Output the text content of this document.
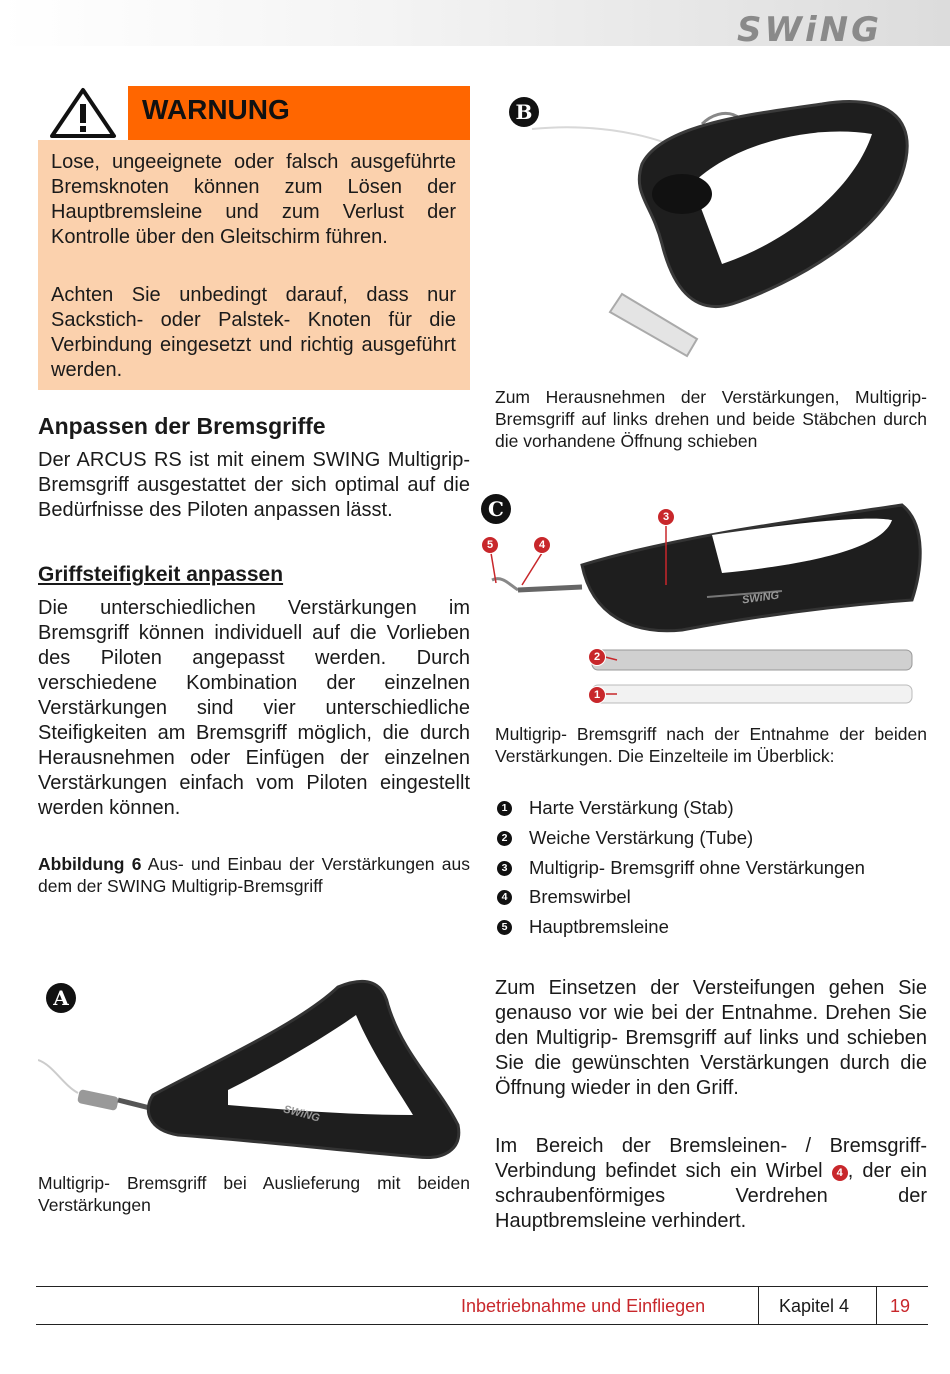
SWiNG
WARNUNG
Lose, ungeeignete oder falsch ausgeführte Bremsknoten können zum Lösen der Hauptbremsleine und zum Verlust der Kontrolle über den Gleitschirm führen.
Achten Sie unbedingt darauf, dass nur Sackstich- oder Palstek- Knoten für die Verbindung eingesetzt und richtig ausgeführt werden.
Anpassen der Bremsgriffe
Der ARCUS RS ist mit einem SWING Multigrip- Bremsgriff ausgestattet der sich optimal auf die Bedürfnisse des Piloten anpassen lässt.
Griffsteifigkeit anpassen
Die unterschiedlichen Verstärkungen im Bremsgriff können individuell auf die Vorlieben des Piloten angepasst werden. Durch verschiedene Kombination der einzelnen Verstärkungen sind vier unterschiedliche Steifigkeiten am Bremsgriff möglich, die durch Herausnehmen oder Einfügen der einzelnen Verstärkungen einfach vom Piloten eingestellt werden können.
Abbildung 6 Aus- und Einbau der Verstärkungen aus dem der SWING Multigrip-Bremsgriff
B
Zum Herausnehmen der Verstärkungen, Multigrip-Bremsgriff auf links drehen und beide Stäbchen durch die vorhandene Öffnung schieben
C
5	4
3
2
1
SWiNG
Multigrip- Bremsgriff nach der Entnahme der beiden Verstärkungen. Die Einzelteile im Überblick:
1 Harte Verstärkung (Stab)
2 Weiche Verstärkung (Tube)
3 Multigrip- Bremsgriff ohne Verstärkungen
4 Bremswirbel
5 Hauptbremsleine
SWiNG
A
Multigrip- Bremsgriff bei Auslieferung mit beiden Verstärkungen
Zum Einsetzen der Versteifungen gehen Sie genauso vor wie bei der Entnahme. Drehen Sie den Multigrip- Bremsgriff auf links und schieben Sie die gewünschten Verstärkungen durch die Öffnung wieder in den Griff.
Im Bereich der Bremsleinen- / Bremsgriff-Verbindung befindet sich ein Wirbel 4 , der ein schraubenförmiges Verdrehen der Hauptbremsleine verhindert.
Inbetriebnahme und Einfliegen	Kapitel 4 19
